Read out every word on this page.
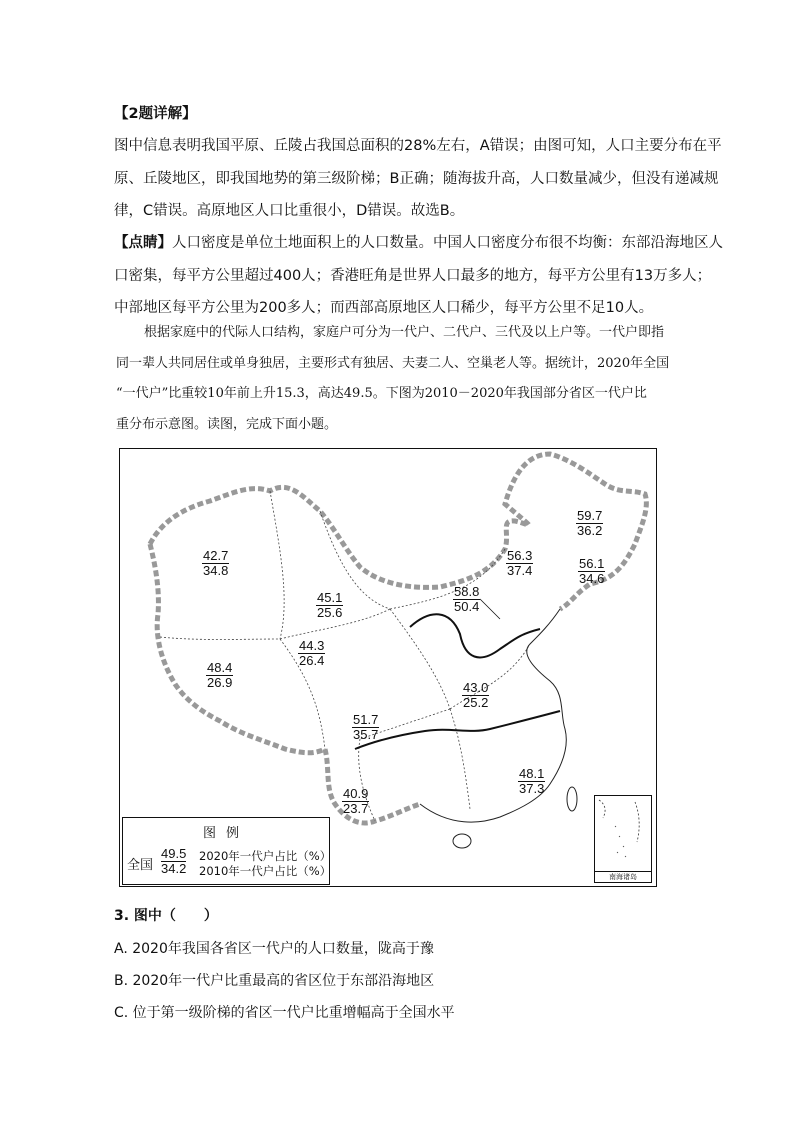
【2题详解】
图中信息表明我国平原、丘陵占我国总面积的28%左右，A错误；由图可知，人口主要分布在平
原、丘陵地区，即我国地势的第三级阶梯；B正确；随海拔升高，人口数量减少，但没有递减规
律，C错误。高原地区人口比重很小，D错误。故选B。
【点睛】人口密度是单位土地面积上的人口数量。中国人口密度分布很不均衡：东部沿海地区人
口密集，每平方公里超过400人；香港旺角是世界人口最多的地方，每平方公里有13万多人；
中部地区每平方公里为200多人；而西部高原地区人口稀少，每平方公里不足10人。
根据家庭中的代际人口结构，家庭户可分为一代户、二代户、三代及以上户等。一代户即指
同一辈人共同居住或单身独居，主要形式有独居、夫妻二人、空巢老人等。据统计，2020年全国
“一代户”比重较10年前上升15.3，高达49.5。下图为2010－2020年我国部分省区一代户比
重分布示意图。读图，完成下面小题。
$\frac{42.7}{34.8}$
$\frac{48.4}{26.9}$
$\frac{45.1}{25.6}$
$\frac{44.3}{26.4}$
$\frac{51.7}{35.7}$
$\frac{40.9}{23.7}$
$\frac{58.8}{50.4}$
$\frac{56.3}{37.4}$
$\frac{59.7}{36.2}$
$\frac{56.1}{34.6}$
$\frac{43.0}{25.2}$
$\frac{48.1}{37.3}$
图例
全国
49.5
34.2
2020年一代户占比（%）
2010年一代户占比（%）	南海诸岛
3. 图中（　　）
A. 2020年我国各省区一代户的人口数量，陇高于豫
B. 2020年一代户比重最高的省区位于东部沿海地区
C. 位于第一级阶梯的省区一代户比重增幅高于全国水平
